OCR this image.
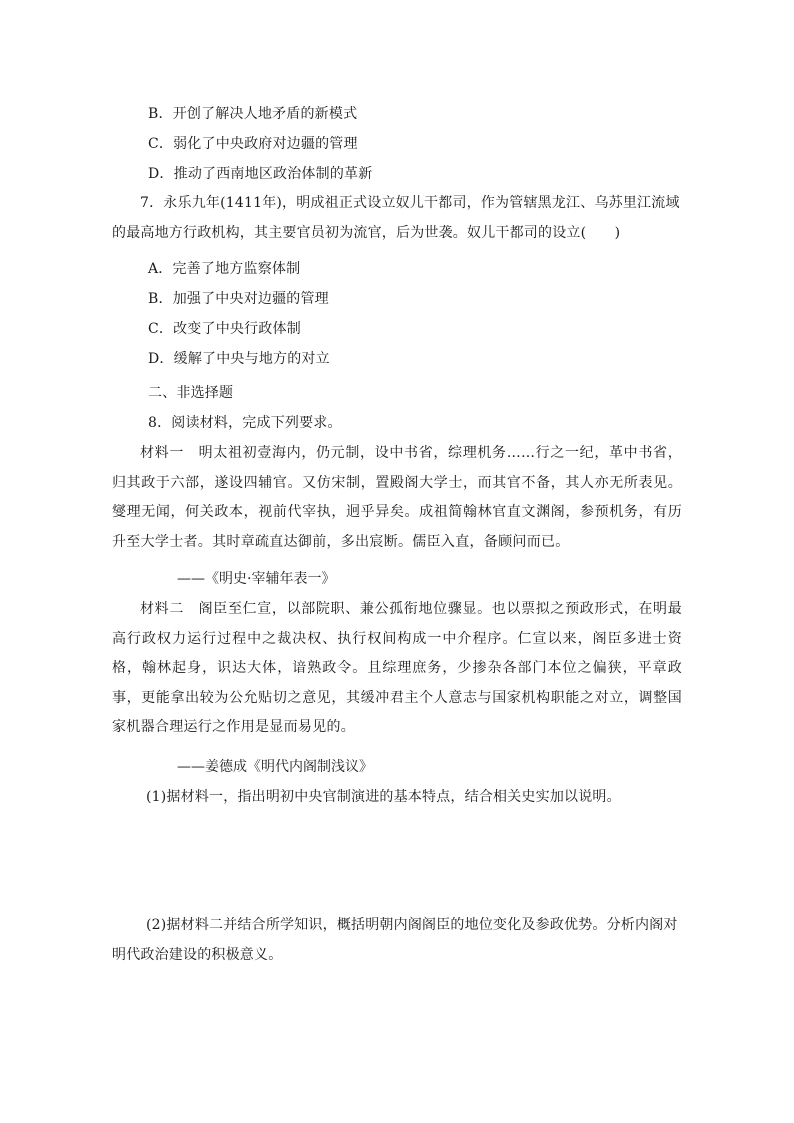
B．开创了解决人地矛盾的新模式
C．弱化了中央政府对边疆的管理
D．推动了西南地区政治体制的革新
7．永乐九年(1411年)，明成祖正式设立奴儿干都司，作为管辖黑龙江、乌苏里江流域的最高地方行政机构，其主要官员初为流官，后为世袭。奴儿干都司的设立(　　)
A．完善了地方监察体制
B．加强了中央对边疆的管理
C．改变了中央行政体制
D．缓解了中央与地方的对立
二、非选择题
8．阅读材料，完成下列要求。
材料一　明太祖初壹海内，仍元制，设中书省，综理机务……行之一纪，革中书省，归其政于六部，遂设四辅官。又仿宋制，置殿阁大学士，而其官不备，其人亦无所表见。燮理无闻，何关政本，视前代宰执，迥乎异矣。成祖简翰林官直文渊阁，参预机务，有历升至大学士者。其时章疏直达御前，多出宸断。儒臣入直，备顾问而已。
——《明史·宰辅年表一》
材料二　阁臣至仁宣，以部院职、兼公孤衔地位骤显。也以票拟之预政形式，在明最高行政权力运行过程中之裁决权、执行权间构成一中介程序。仁宣以来，阁臣多进士资格，翰林起身，识达大体，谙熟政令。且综理庶务，少掺杂各部门本位之偏狭，平章政事，更能拿出较为公允贴切之意见，其缓冲君主个人意志与国家机构职能之对立，调整国家机器合理运行之作用是显而易见的。
——姜德成《明代内阁制浅议》
(1)据材料一，指出明初中央官制演进的基本特点，结合相关史实加以说明。
(2)据材料二并结合所学知识，概括明朝内阁阁臣的地位变化及参政优势。分析内阁对明代政治建设的积极意义。
